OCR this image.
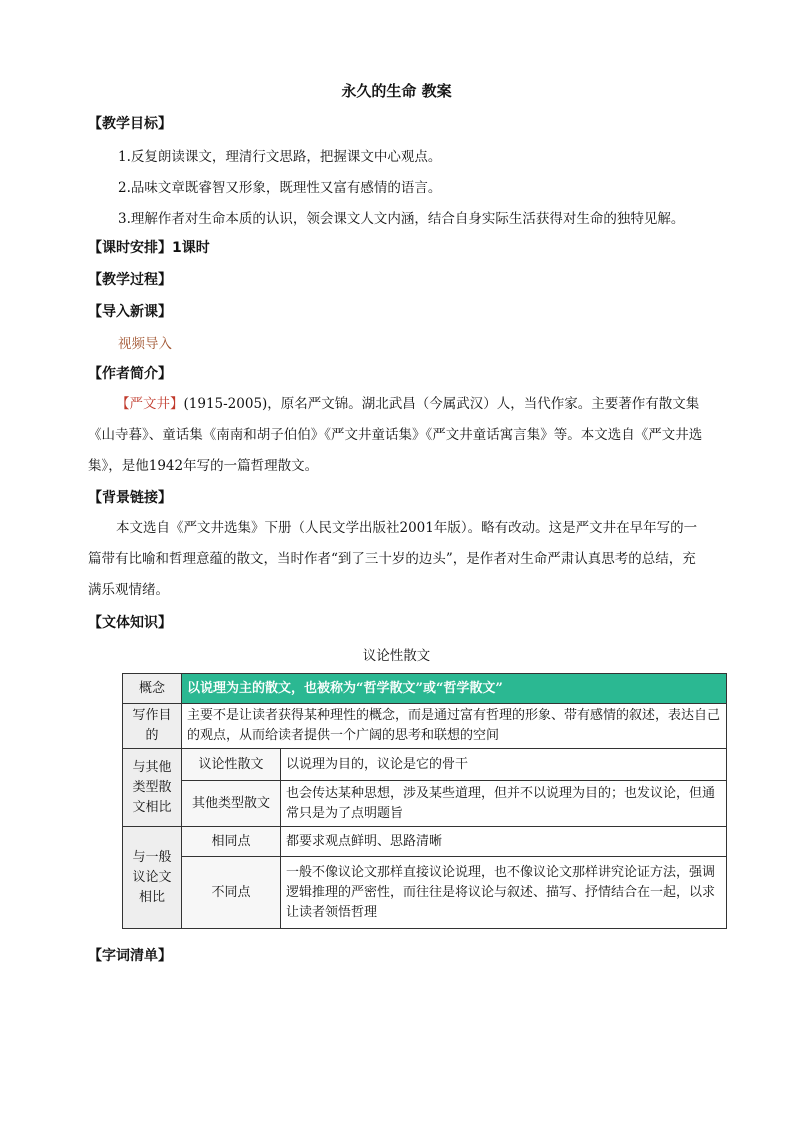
永久的生命 教案
【教学目标】
1.反复朗读课文，理清行文思路，把握课文中心观点。
2.品味文章既睿智又形象，既理性又富有感情的语言。
3.理解作者对生命本质的认识，领会课文人文内涵，结合自身实际生活获得对生命的独特见解。
【课时安排】1课时
【教学过程】
【导入新课】
视频导入
【作者简介】
【严文井】(1915-2005)，原名严文锦。湖北武昌（今属武汉）人，当代作家。主要著作有散文集《山寺暮》、童话集《南南和胡子伯伯》《严文井童话集》《严文井童话寓言集》等。本文选自《严文井选集》，是他1942年写的一篇哲理散文。
【背景链接】
本文选自《严文井选集》下册（人民文学出版社2001年版）。略有改动。这是严文井在早年写的一篇带有比喻和哲理意蕴的散文，当时作者“到了三十岁的边头”，是作者对生命严肃认真思考的总结，充满乐观情绪。
【文体知识】
议论性散文
概念	以说理为主的散文，也被称为“哲学散文”或“哲学散文”	
写作目的	主要不是让读者获得某种理性的概念，而是通过富有哲理的形象、带有感情的叙述，表达自己的观点，从而给读者提供一个广阔的思考和联想的空间	
与其他类型散文相比	议论性散文	以说理为目的，议论是它的骨干
	其他类型散文	也会传达某种思想，涉及某些道理，但并不以说理为目的；也发议论，但通常只是为了点明题旨
与一般议论文相比	相同点	都要求观点鲜明、思路清晰
	不同点	一般不像议论文那样直接议论说理，也不像议论文那样讲究论证方法，强调逻辑推理的严密性，而往往是将议论与叙述、描写、抒情结合在一起，以求让读者领悟哲理
【字词清单】
